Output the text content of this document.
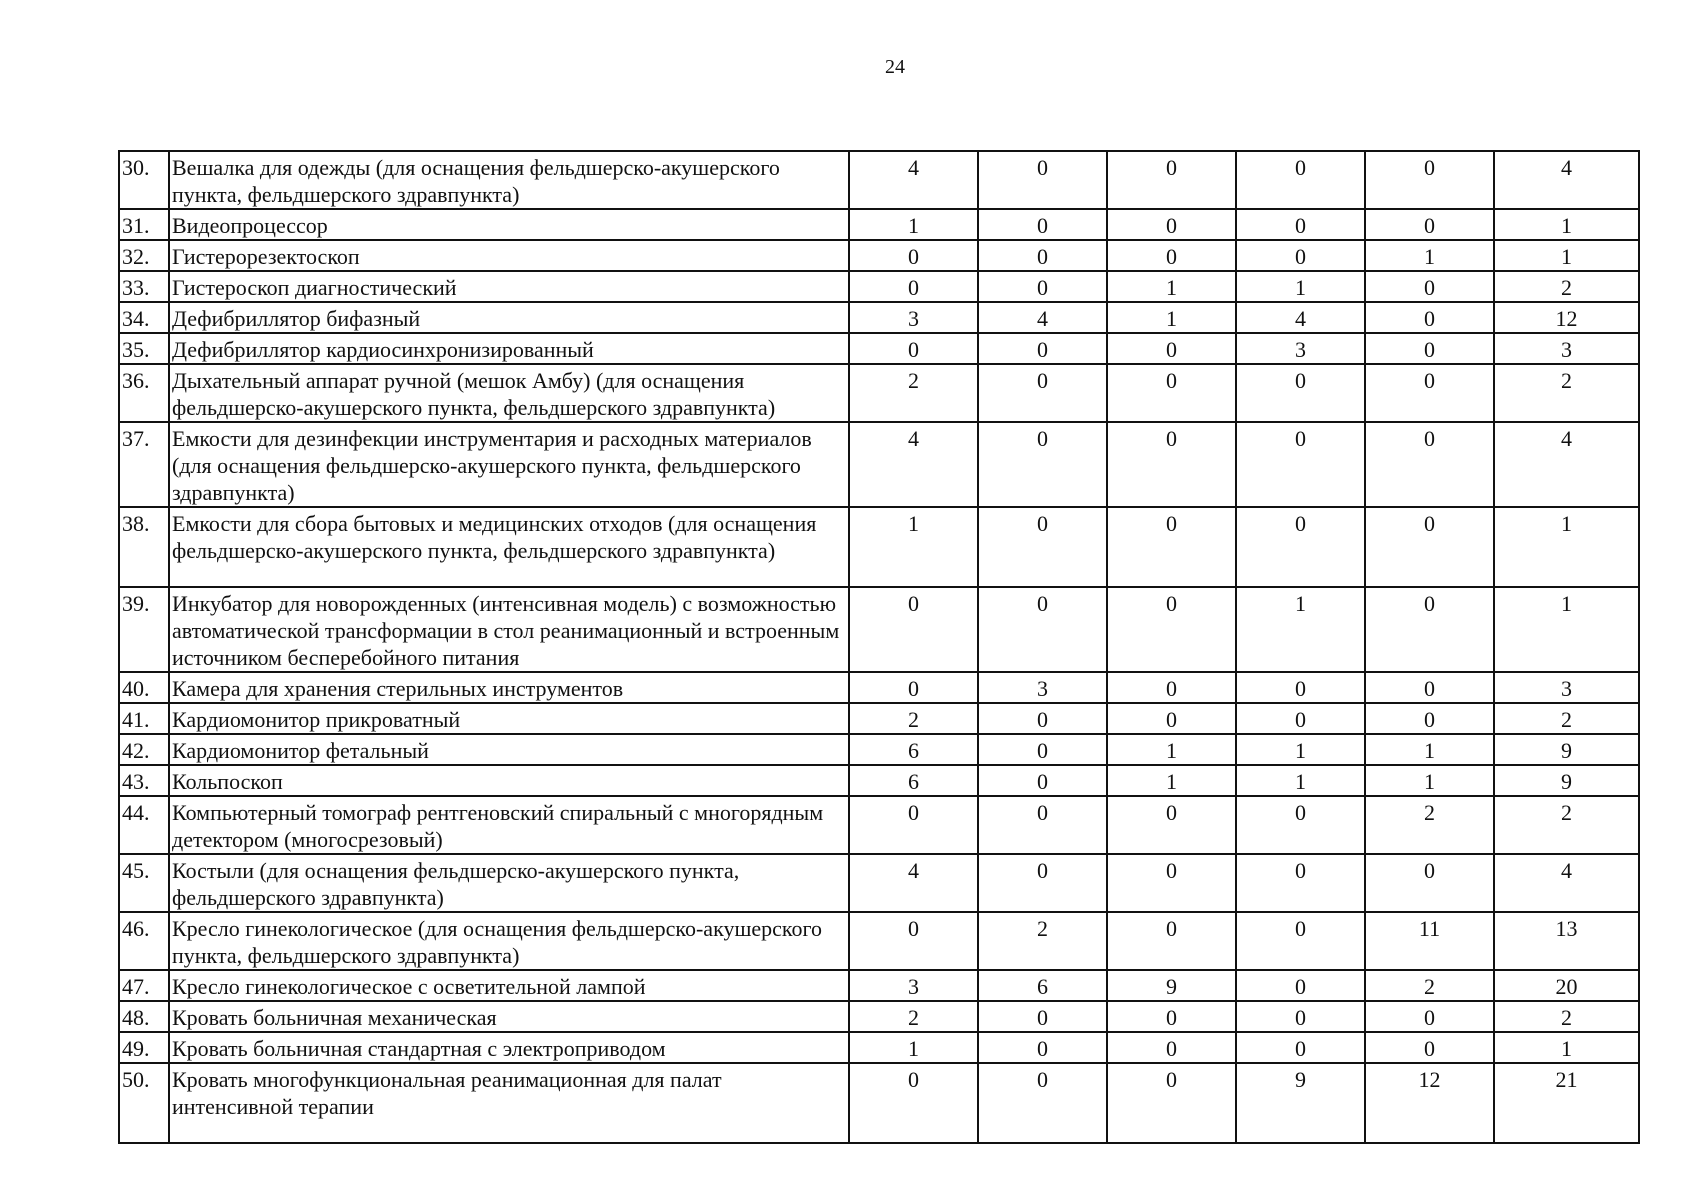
24
30.	Вешалка для одежды (для оснащения фельдшерско-акушерского пункта, фельдшерского здравпункта)	4	0	0	0	0	4
31.	Видеопроцессор	1	0	0	0	0	1
32.	Гистерорезектоскоп	0	0	0	0	1	1
33.	Гистероскоп диагностический	0	0	1	1	0	2
34.	Дефибриллятор бифазный	3	4	1	4	0	12
35.	Дефибриллятор кардиосинхронизированный	0	0	0	3	0	3
36.	Дыхательный аппарат ручной (мешок Амбу) (для оснащения фельдшерско-акушерского пункта, фельдшерского здравпункта)	2	0	0	0	0	2
37.	Емкости для дезинфекции инструментария и расходных материалов (для оснащения фельдшерско-акушерского пункта, фельдшерского здравпункта)	4	0	0	0	0	4
38.	Емкости для сбора бытовых и медицинских отходов (для оснащения фельдшерско-акушерского пункта, фельдшерского здравпункта)	1	0	0	0	0	1
39.	Инкубатор для новорожденных (интенсивная модель) с возможностью автоматической трансформации в стол реанимационный и встроенным источником бесперебойного питания	0	0	0	1	0	1
40.	Камера для хранения стерильных инструментов	0	3	0	0	0	3
41.	Кардиомонитор прикроватный	2	0	0	0	0	2
42.	Кардиомонитор фетальный	6	0	1	1	1	9
43.	Кольпоскоп	6	0	1	1	1	9
44.	Компьютерный томограф рентгеновский спиральный с многорядным детектором (многосрезовый)	0	0	0	0	2	2
45.	Костыли (для оснащения фельдшерско-акушерского пункта, фельдшерского здравпункта)	4	0	0	0	0	4
46.	Кресло гинекологическое (для оснащения фельдшерско-акушерского пункта, фельдшерского здравпункта)	0	2	0	0	11	13
47.	Кресло гинекологическое с осветительной лампой	3	6	9	0	2	20
48.	Кровать больничная механическая	2	0	0	0	0	2
49.	Кровать больничная стандартная с электроприводом	1	0	0	0	0	1
50.	Кровать многофункциональная реанимационная для палат интенсивной терапии	0	0	0	9	12	21
